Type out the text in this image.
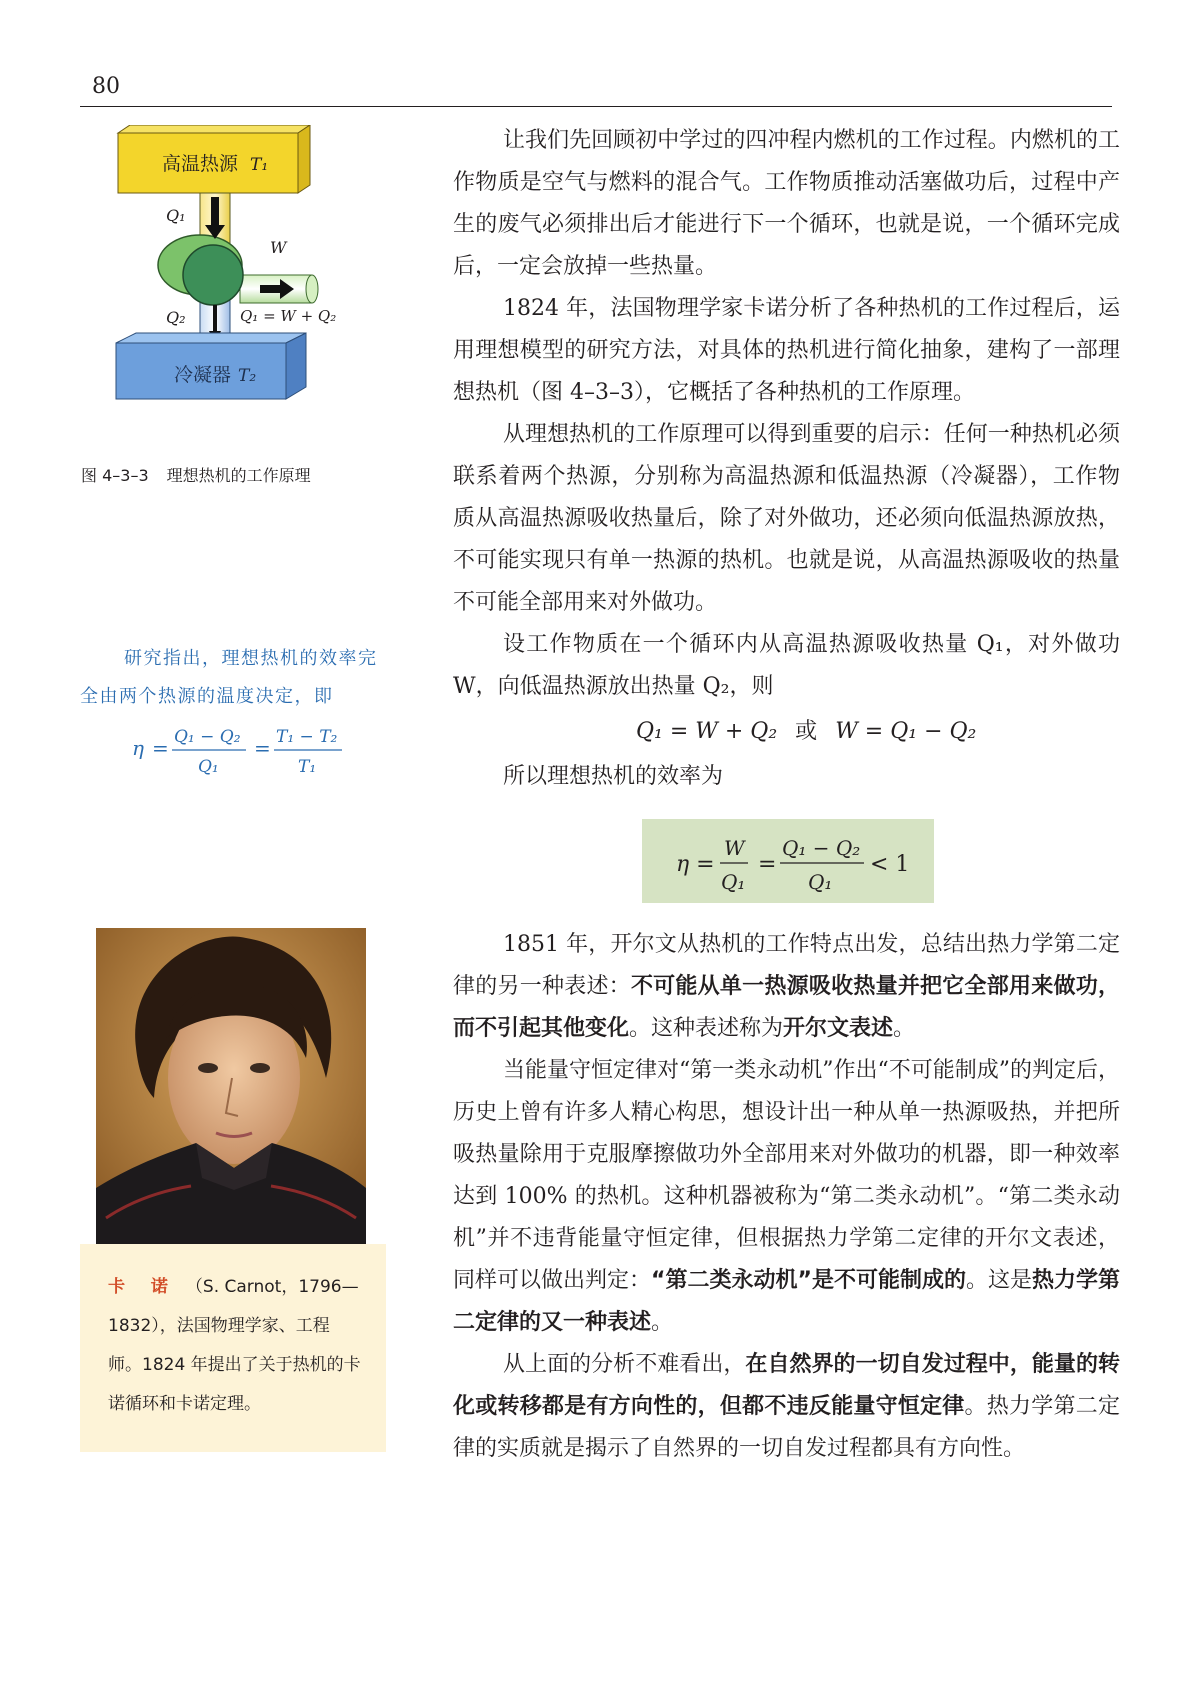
80
高温热源 T₁
Q₁
W
Q₂	Q₁ = W + Q₂
冷凝器 T₂
图 4–3–3 理想热机的工作原理

研究指出，理想热机的效率完全由两个热源的温度决定，即

η = Q₁ − Q₂
Q₁
= T₁ − T₂
T₁
卡 诺 （S. Carnot，1796—1832），法国物理学家、工程师。1824 年提出了关于热机的卡诺循环和卡诺定理。

让我们先回顾初中学过的四冲程内燃机的工作过程。内燃机的工作物质是空气与燃料的混合气。工作物质推动活塞做功后，过程中产生的废气必须排出后才能进行下一个循环，也就是说，一个循环完成后，一定会放掉一些热量。

1824 年，法国物理学家卡诺分析了各种热机的工作过程后，运用理想模型的研究方法，对具体的热机进行简化抽象，建构了一部理想热机（图 4–3–3），它概括了各种热机的工作原理。

从理想热机的工作原理可以得到重要的启示：任何一种热机必须联系着两个热源，分别称为高温热源和低温热源（冷凝器），工作物质从高温热源吸收热量后，除了对外做功，还必须向低温热源放热，不可能实现只有单一热源的热机。也就是说，从高温热源吸收的热量不可能全部用来对外做功。

设工作物质在一个循环内从高温热源吸收热量 Q₁，对外做功 W，向低温热源放出热量 Q₂，则

Q₁ = W + Q₂ 或 W = Q₁ − Q₂

所以理想热机的效率为

η =
W
Q₁
=
Q₁ − Q₂
Q₁
< 1

1851 年，开尔文从热机的工作特点出发，总结出热力学第二定律的另一种表述：不可能从单一热源吸收热量并把它全部用来做功，而不引起其他变化。这种表述称为开尔文表述。

当能量守恒定律对“第一类永动机”作出“不可能制成”的判定后，历史上曾有许多人精心构思，想设计出一种从单一热源吸热，并把所吸热量除用于克服摩擦做功外全部用来对外做功的机器，即一种效率达到 100% 的热机。这种机器被称为“第二类永动机”。“第二类永动机”并不违背能量守恒定律，但根据热力学第二定律的开尔文表述，同样可以做出判定：“第二类永动机”是不可能制成的。这是热力学第二定律的又一种表述。

从上面的分析不难看出，在自然界的一切自发过程中，能量的转化或转移都是有方向性的，但都不违反能量守恒定律。热力学第二定律的实质就是揭示了自然界的一切自发过程都具有方向性。
